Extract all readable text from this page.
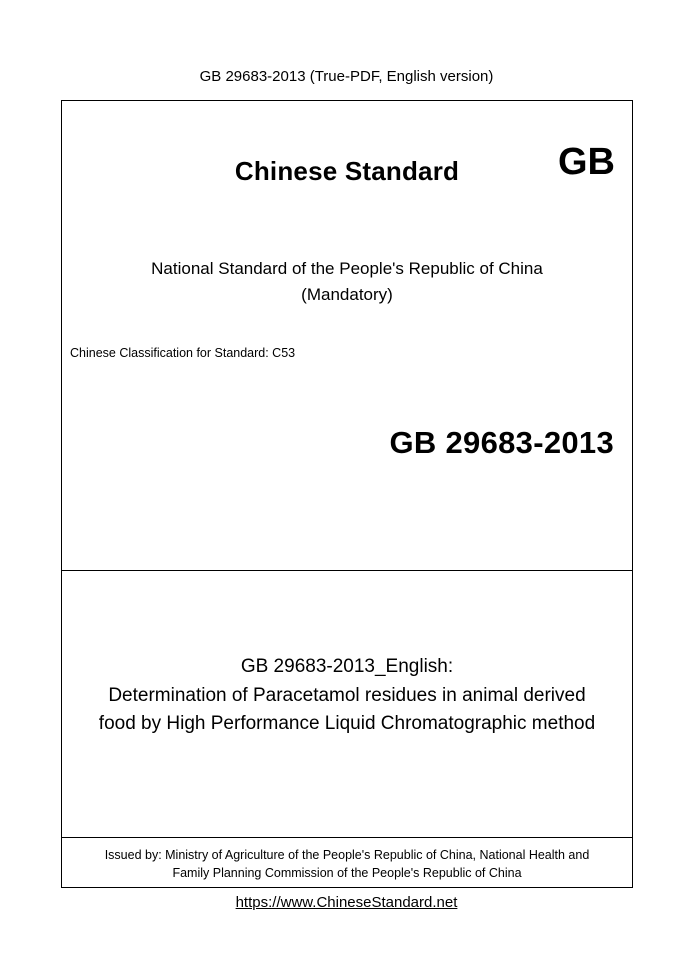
GB 29683-2013 (True-PDF, English version)
Chinese Standard	GB
National Standard of the People's Republic of China
(Mandatory)
Chinese Classification for Standard: C53
GB 29683-2013
GB 29683-2013_English:
Determination of Paracetamol residues in animal derived
food by High Performance Liquid Chromatographic method
Issued by: Ministry of Agriculture of the People's Republic of China, National Health and
Family Planning Commission of the People's Republic of China
https://www.ChineseStandard.net
